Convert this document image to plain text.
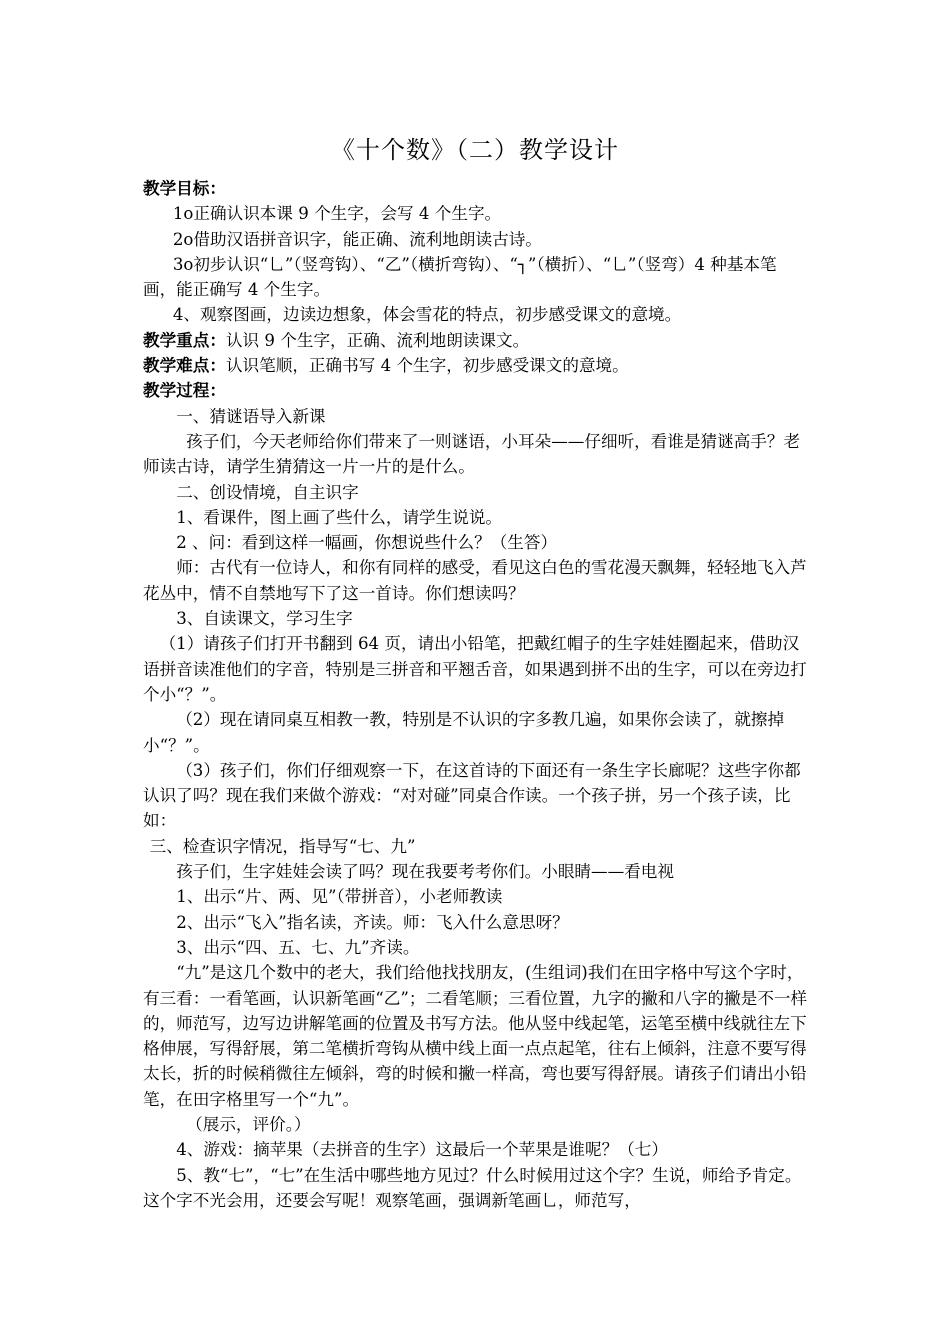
《十个数》（二）教学设计

教学目标：

1o正确认识本课 9 个生字，会写 4 个生字。

2o借助汉语拼音识字，能正确、流利地朗读古诗。

3o初步认识“乚”（竖弯钩）、“乙”（横折弯钩）、“┐”（横折）、“乚”（竖弯）4 种基本笔画，能正确写 4 个生字。

4、观察图画，边读边想象，体会雪花的特点，初步感受课文的意境。

教学重点：认识 9 个生字，正确、流利地朗读课文。

教学难点：认识笔顺，正确书写 4 个生字，初步感受课文的意境。

教学过程：

一、猜谜语导入新课

孩子们，今天老师给你们带来了一则谜语，小耳朵——仔细听，看谁是猜谜高手？老师读古诗，请学生猜猜这一片一片的是什么。

二、创设情境，自主识字

1、看课件，图上画了些什么，请学生说说。

2 、问：看到这样一幅画，你想说些什么？（生答）

师：古代有一位诗人，和你有同样的感受，看见这白色的雪花漫天飘舞，轻轻地飞入芦花丛中，情不自禁地写下了这一首诗。你们想读吗？

3、自读课文，学习生字

（1）请孩子们打开书翻到 64 页，请出小铅笔，把戴红帽子的生字娃娃圈起来，借助汉语拼音读准他们的字音，特别是三拼音和平翘舌音，如果遇到拼不出的生字，可以在旁边打个小“？”。

（2）现在请同桌互相教一教，特别是不认识的字多教几遍，如果你会读了，就擦掉小“？”。

（3）孩子们，你们仔细观察一下，在这首诗的下面还有一条生字长廊呢？这些字你都认识了吗？现在我们来做个游戏：“对对碰”同桌合作读。一个孩子拼，另一个孩子读，比如：

三、检查识字情况，指导写“七、九”

孩子们，生字娃娃会读了吗？现在我要考考你们。小眼睛——看电视

1、出示“片、两、见”（带拼音），小老师教读

2、出示“飞入”指名读，齐读。师：飞入什么意思呀？

3、出示“四、五、七、九”齐读。

“九”是这几个数中的老大，我们给他找找朋友，(生组词)我们在田字格中写这个字时，有三看：一看笔画，认识新笔画“乙”；二看笔顺；三看位置，九字的撇和八字的撇是不一样的，师范写，边写边讲解笔画的位置及书写方法。他从竖中线起笔，运笔至横中线就往左下格伸展，写得舒展，第二笔横折弯钩从横中线上面一点点起笔，往右上倾斜，注意不要写得太长，折的时候稍微往左倾斜，弯的时候和撇一样高，弯也要写得舒展。请孩子们请出小铅笔，在田字格里写一个“九”。

（展示，评价。）

4、游戏：摘苹果（去拼音的生字）这最后一个苹果是谁呢？（七）

5、教“七”，“七”在生活中哪些地方见过？什么时候用过这个字？生说，师给予肯定。这个字不光会用，还要会写呢！观察笔画，强调新笔画乚，师范写，
